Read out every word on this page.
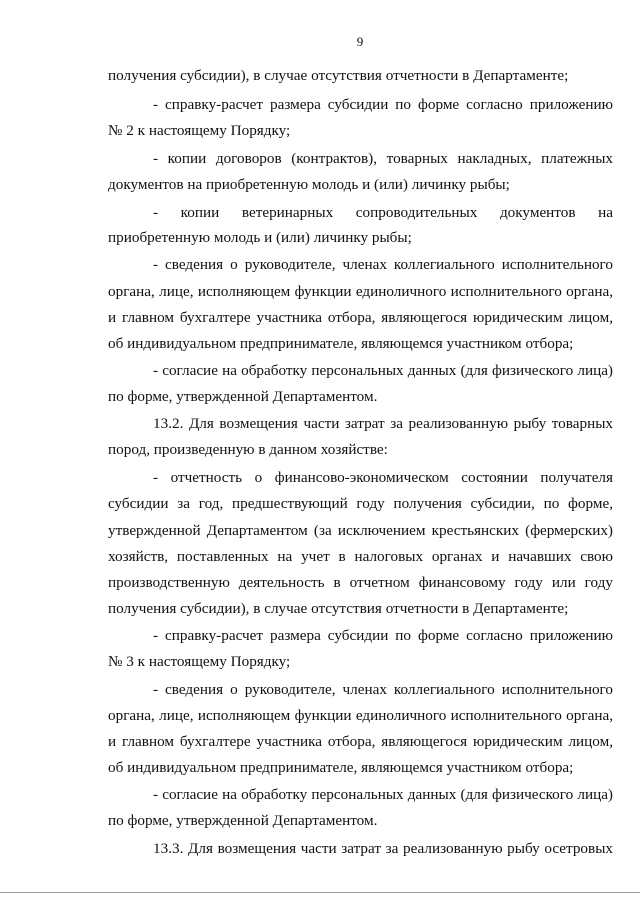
9
получения субсидии), в случае отсутствия отчетности в Департаменте;
- справку-расчет размера субсидии по форме согласно приложению
№ 2 к настоящему Порядку;
- копии договоров (контрактов), товарных накладных, платежных
документов на приобретенную молодь и (или) личинку рыбы;
- копии ветеринарных сопроводительных документов на
приобретенную молодь и (или) личинку рыбы;
- сведения о руководителе, членах коллегиального исполнительного
органа, лице, исполняющем функции единоличного исполнительного органа,
и главном бухгалтере участника отбора, являющегося юридическим лицом,
об индивидуальном предпринимателе, являющемся участником отбора;
- согласие на обработку персональных данных (для физического лица)
по форме, утвержденной Департаментом.
13.2. Для возмещения части затрат за реализованную рыбу товарных
пород, произведенную в данном хозяйстве:
- отчетность о финансово-экономическом состоянии получателя
субсидии за год, предшествующий году получения субсидии, по форме,
утвержденной Департаментом (за исключением крестьянских (фермерских)
хозяйств, поставленных на учет в налоговых органах и начавших свою
производственную деятельность в отчетном финансовому году или году
получения субсидии), в случае отсутствия отчетности в Департаменте;
- справку-расчет размера субсидии по форме согласно приложению
№ 3 к настоящему Порядку;
- сведения о руководителе, членах коллегиального исполнительного
органа, лице, исполняющем функции единоличного исполнительного органа,
и главном бухгалтере участника отбора, являющегося юридическим лицом,
об индивидуальном предпринимателе, являющемся участником отбора;
- согласие на обработку персональных данных (для физического лица)
по форме, утвержденной Департаментом.
13.3. Для возмещения части затрат за реализованную рыбу осетровых
